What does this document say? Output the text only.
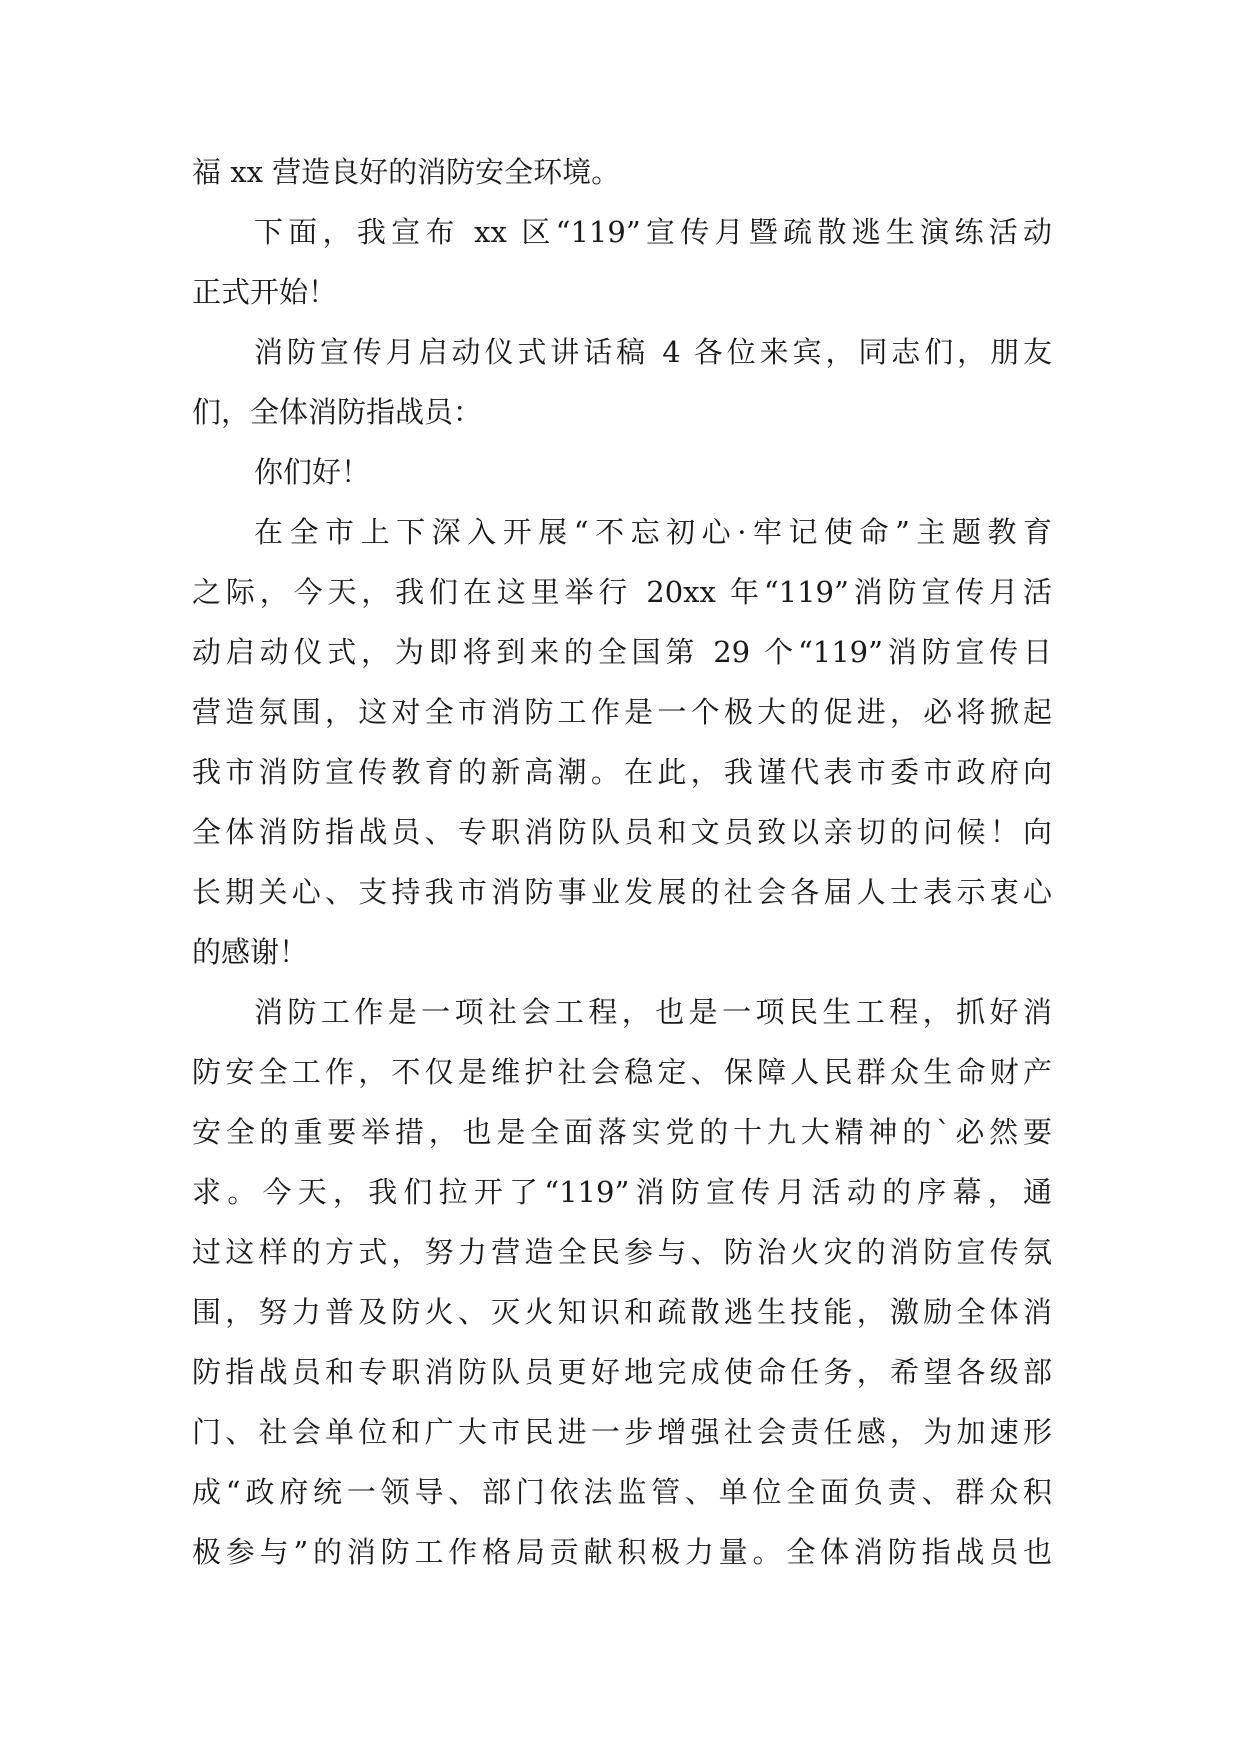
福 xx 营造良好的消防安全环境。
下面，我宣布 xx 区“119”宣传月暨疏散逃生演练活动
正式开始！
消防宣传月启动仪式讲话稿 4 各位来宾，同志们，朋友
们，全体消防指战员：
你们好！
在全市上下深入开展“不忘初心·牢记使命”主题教育
之际，今天，我们在这里举行 20xx 年“119”消防宣传月活
动启动仪式，为即将到来的全国第 29 个“119”消防宣传日
营造氛围，这对全市消防工作是一个极大的促进，必将掀起
我市消防宣传教育的新高潮。在此，我谨代表市委市政府向
全体消防指战员、专职消防队员和文员致以亲切的问候！向
长期关心、支持我市消防事业发展的社会各届人士表示衷心
的感谢！
消防工作是一项社会工程，也是一项民生工程，抓好消
防安全工作，不仅是维护社会稳定、保障人民群众生命财产
安全的重要举措，也是全面落实党的十九大精神的`必然要
求。今天，我们拉开了“119”消防宣传月活动的序幕，通
过这样的方式，努力营造全民参与、防治火灾的消防宣传氛
围，努力普及防火、灭火知识和疏散逃生技能，激励全体消
防指战员和专职消防队员更好地完成使命任务，希望各级部
门、社会单位和广大市民进一步增强社会责任感，为加速形
成“政府统一领导、部门依法监管、单位全面负责、群众积
极参与”的消防工作格局贡献积极力量。全体消防指战员也
